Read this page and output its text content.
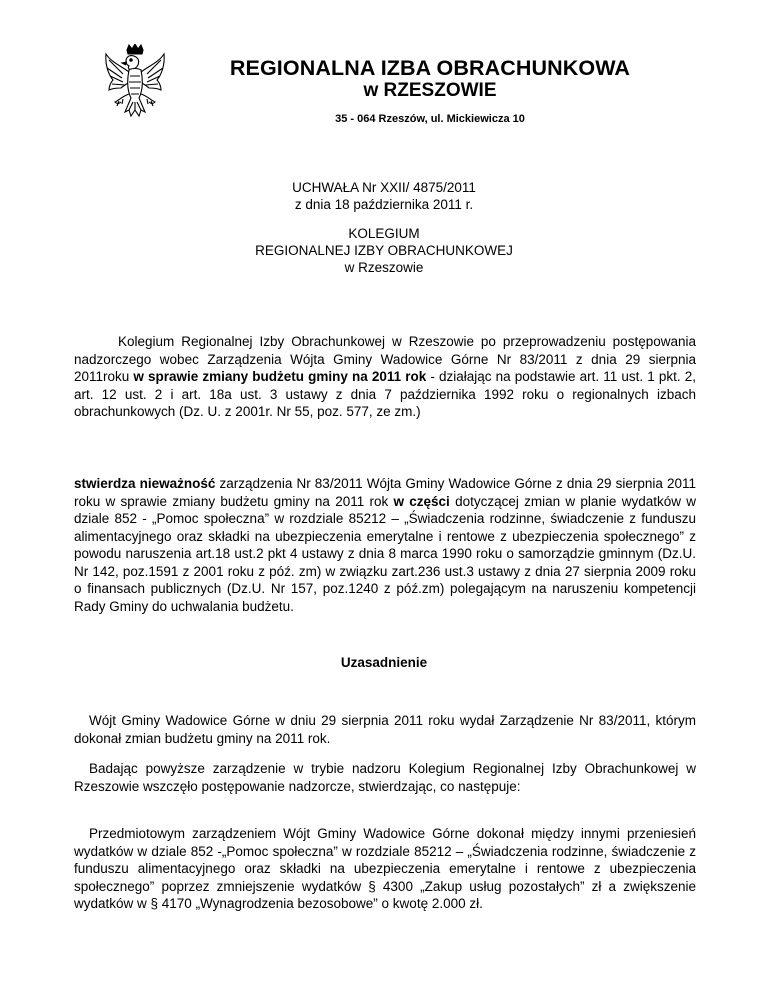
REGIONALNA IZBA OBRACHUNKOWA
w RZESZOWIE
35 - 064 Rzeszów, ul. Mickiewicza 10
UCHWAŁA Nr XXII/ 4875/2011
z dnia 18 października 2011 r.
KOLEGIUM
REGIONALNEJ IZBY OBRACHUNKOWEJ
w Rzeszowie

Kolegium Regionalnej Izby Obrachunkowej w Rzeszowie po przeprowadzeniu postępowania nadzorczego wobec Zarządzenia Wójta Gminy Wadowice Górne Nr 83/2011 z dnia 29 sierpnia 2011roku w sprawie zmiany budżetu gminy na 2011 rok - działając na podstawie art. 11 ust. 1 pkt. 2, art. 12 ust. 2 i art. 18a ust. 3 ustawy z dnia 7 października 1992 roku o regionalnych izbach obrachunkowych (Dz. U. z 2001r. Nr 55, poz. 577, ze zm.)

stwierdza nieważność zarządzenia Nr 83/2011 Wójta Gminy Wadowice Górne z dnia 29 sierpnia 2011 roku w sprawie zmiany budżetu gminy na 2011 rok w części dotyczącej zmian w planie wydatków w dziale 852 - „Pomoc społeczna” w rozdziale 85212 – „Świadczenia rodzinne, świadczenie z funduszu alimentacyjnego oraz składki na ubezpieczenia emerytalne i rentowe z ubezpieczenia społecznego” z powodu naruszenia art.18 ust.2 pkt 4 ustawy z dnia 8 marca 1990 roku o samorządzie gminnym (Dz.U. Nr 142, poz.1591 z 2001 roku z póź. zm) w związku zart.236 ust.3 ustawy z dnia 27 sierpnia 2009 roku o finansach publicznych (Dz.U. Nr 157, poz.1240 z póź.zm) polegającym na naruszeniu kompetencji Rady Gminy do uchwalania budżetu.

Uzasadnienie

Wójt Gminy Wadowice Górne w dniu 29 sierpnia 2011 roku wydał Zarządzenie Nr 83/2011, którym dokonał zmian budżetu gminy na 2011 rok.

Badając powyższe zarządzenie w trybie nadzoru Kolegium Regionalnej Izby Obrachunkowej w Rzeszowie wszczęło postępowanie nadzorcze, stwierdzając, co następuje:

Przedmiotowym zarządzeniem Wójt Gminy Wadowice Górne dokonał między innymi przeniesień wydatków w dziale 852 -„Pomoc społeczna” w rozdziale 85212 – „Świadczenia rodzinne, świadczenie z funduszu alimentacyjnego oraz składki na ubezpieczenia emerytalne i rentowe z ubezpieczenia społecznego” poprzez zmniejszenie wydatków § 4300 „Zakup usług pozostałych” zł a zwiększenie wydatków w § 4170 „Wynagrodzenia bezosobowe” o kwotę 2.000 zł.
